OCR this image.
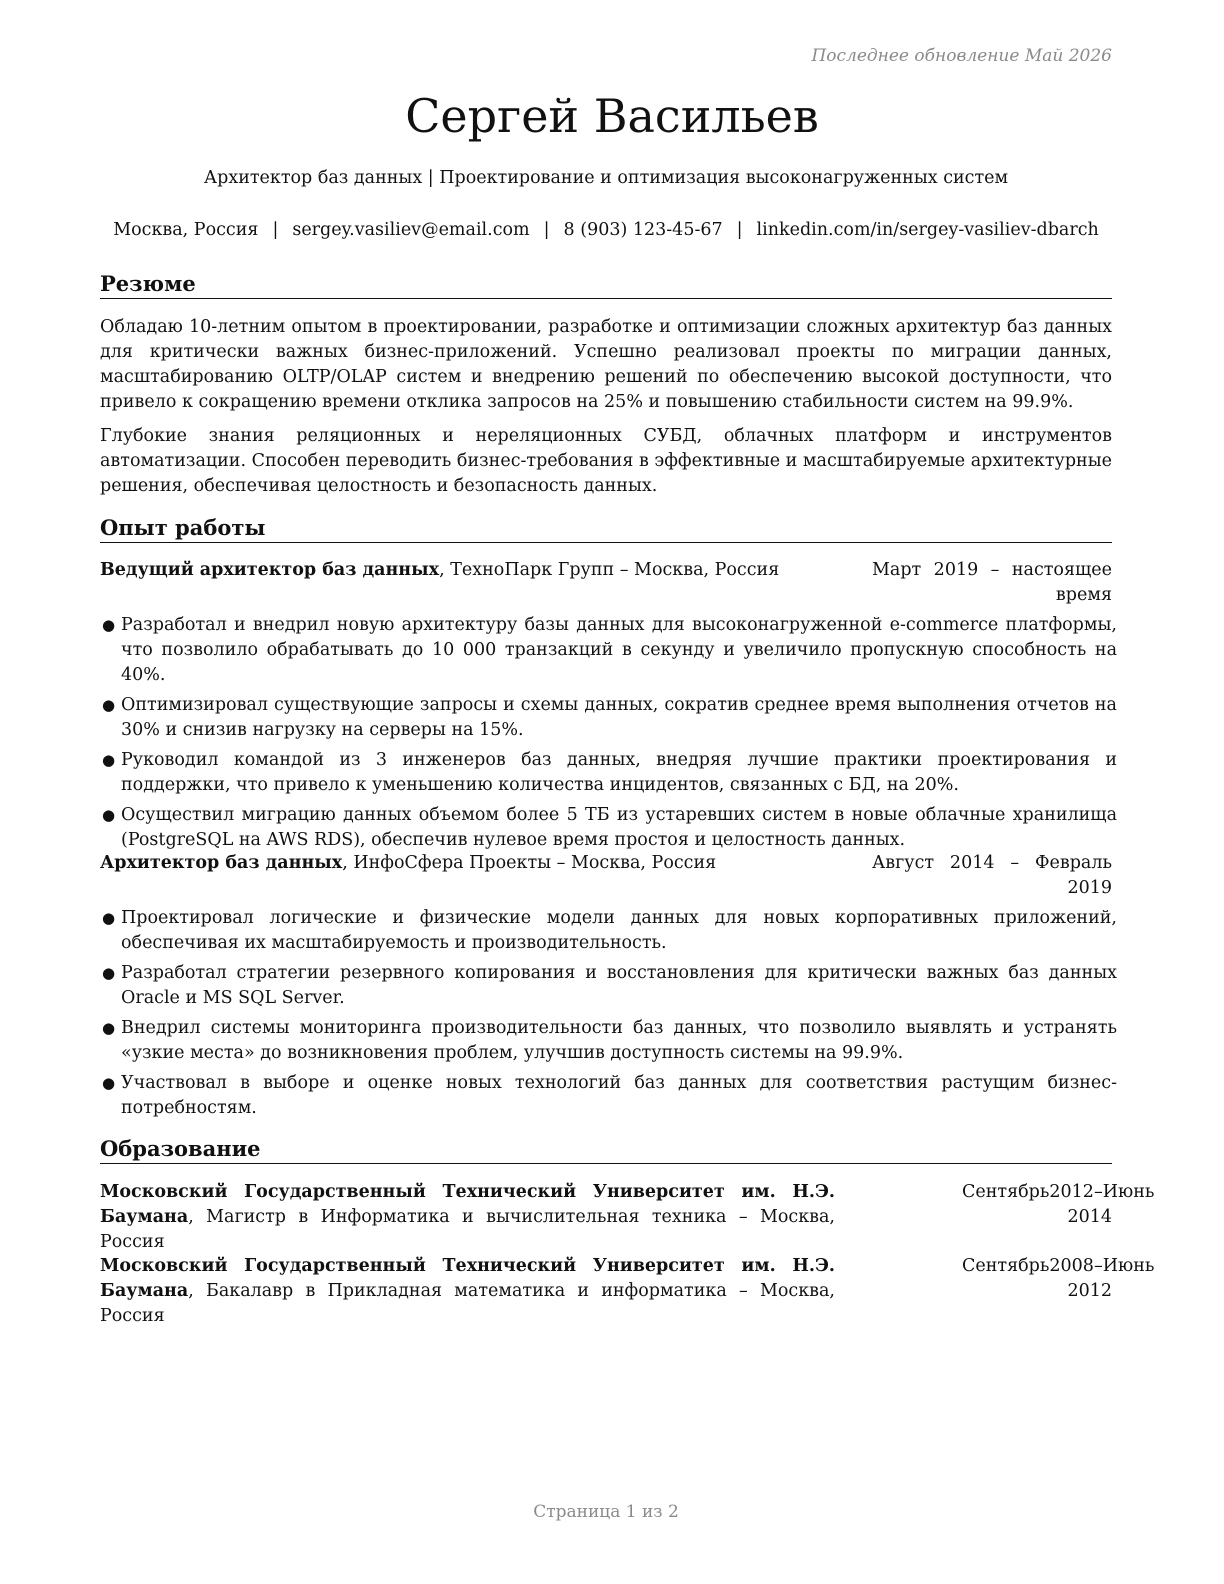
Последнее обновление Май 2026
Сергей Васильев
Архитектор баз данных | Проектирование и оптимизация высоконагруженных систем
Москва, Россия | sergey.vasiliev@email.com | 8 (903) 123-45-67 | linkedin.com/in/sergey-vasiliev-dbarch
Резюме
Обладаю 10-летним опытом в проектировании, разработке и оптимизации сложных архитектур баз данных для критически важных бизнес-приложений. Успешно реализовал проекты по миграции данных, масштабированию OLTP/OLAP систем и внедрению решений по обеспечению высокой доступности, что привело к сокращению времени отклика запросов на 25% и повышению стабильности систем на 99.9%.
Глубокие знания реляционных и нереляционных СУБД, облачных платформ и инструментов автоматизации. Способен переводить бизнес-требования в эффективные и масштабируемые архитектурные решения, обеспечивая целостность и безопасность данных.
Опыт работы
Ведущий архитектор баз данных, ТехноПарк Групп – Москва, Россия	Март 2019 – настоящее время
● Разработал и внедрил новую архитектуру базы данных для высоконагруженной e-commerce платформы, что позволило обрабатывать до 10 000 транзакций в секунду и увеличило пропускную способность на 40%.
● Оптимизировал существующие запросы и схемы данных, сократив среднее время выполнения отчетов на 30% и снизив нагрузку на серверы на 15%.
● Руководил командой из 3 инженеров баз данных, внедряя лучшие практики проектирования и поддержки, что привело к уменьшению количества инцидентов, связанных с БД, на 20%.
● Осуществил миграцию данных объемом более 5 ТБ из устаревших систем в новые облачные хранилища (PostgreSQL на AWS RDS), обеспечив нулевое время простоя и целостность данных.
Архитектор баз данных, ИнфоСфера Проекты – Москва, Россия	Август 2014 – Февраль 2019
● Проектировал логические и физические модели данных для новых корпоративных приложений, обеспечивая их масштабируемость и производительность.
● Разработал стратегии резервного копирования и восстановления для критически важных баз данных Oracle и MS SQL Server.
● Внедрил системы мониторинга производительности баз данных, что позволило выявлять и устранять «узкие места» до возникновения проблем, улучшив доступность системы на 99.9%.
● Участвовал в выборе и оценке новых технологий баз данных для соответствия растущим бизнес-потребностям.
Образование
Московский Государственный Технический Университет им. Н.Э. Баумана, Магистр в Информатика и вычислительная техника – Москва, Россия
Сентябрь 2012 – Июнь
2014
Московский Государственный Технический Университет им. Н.Э. Баумана, Бакалавр в Прикладная математика и информатика – Москва, Россия
Сентябрь 2008 – Июнь
2012
Страница 1 из 2
